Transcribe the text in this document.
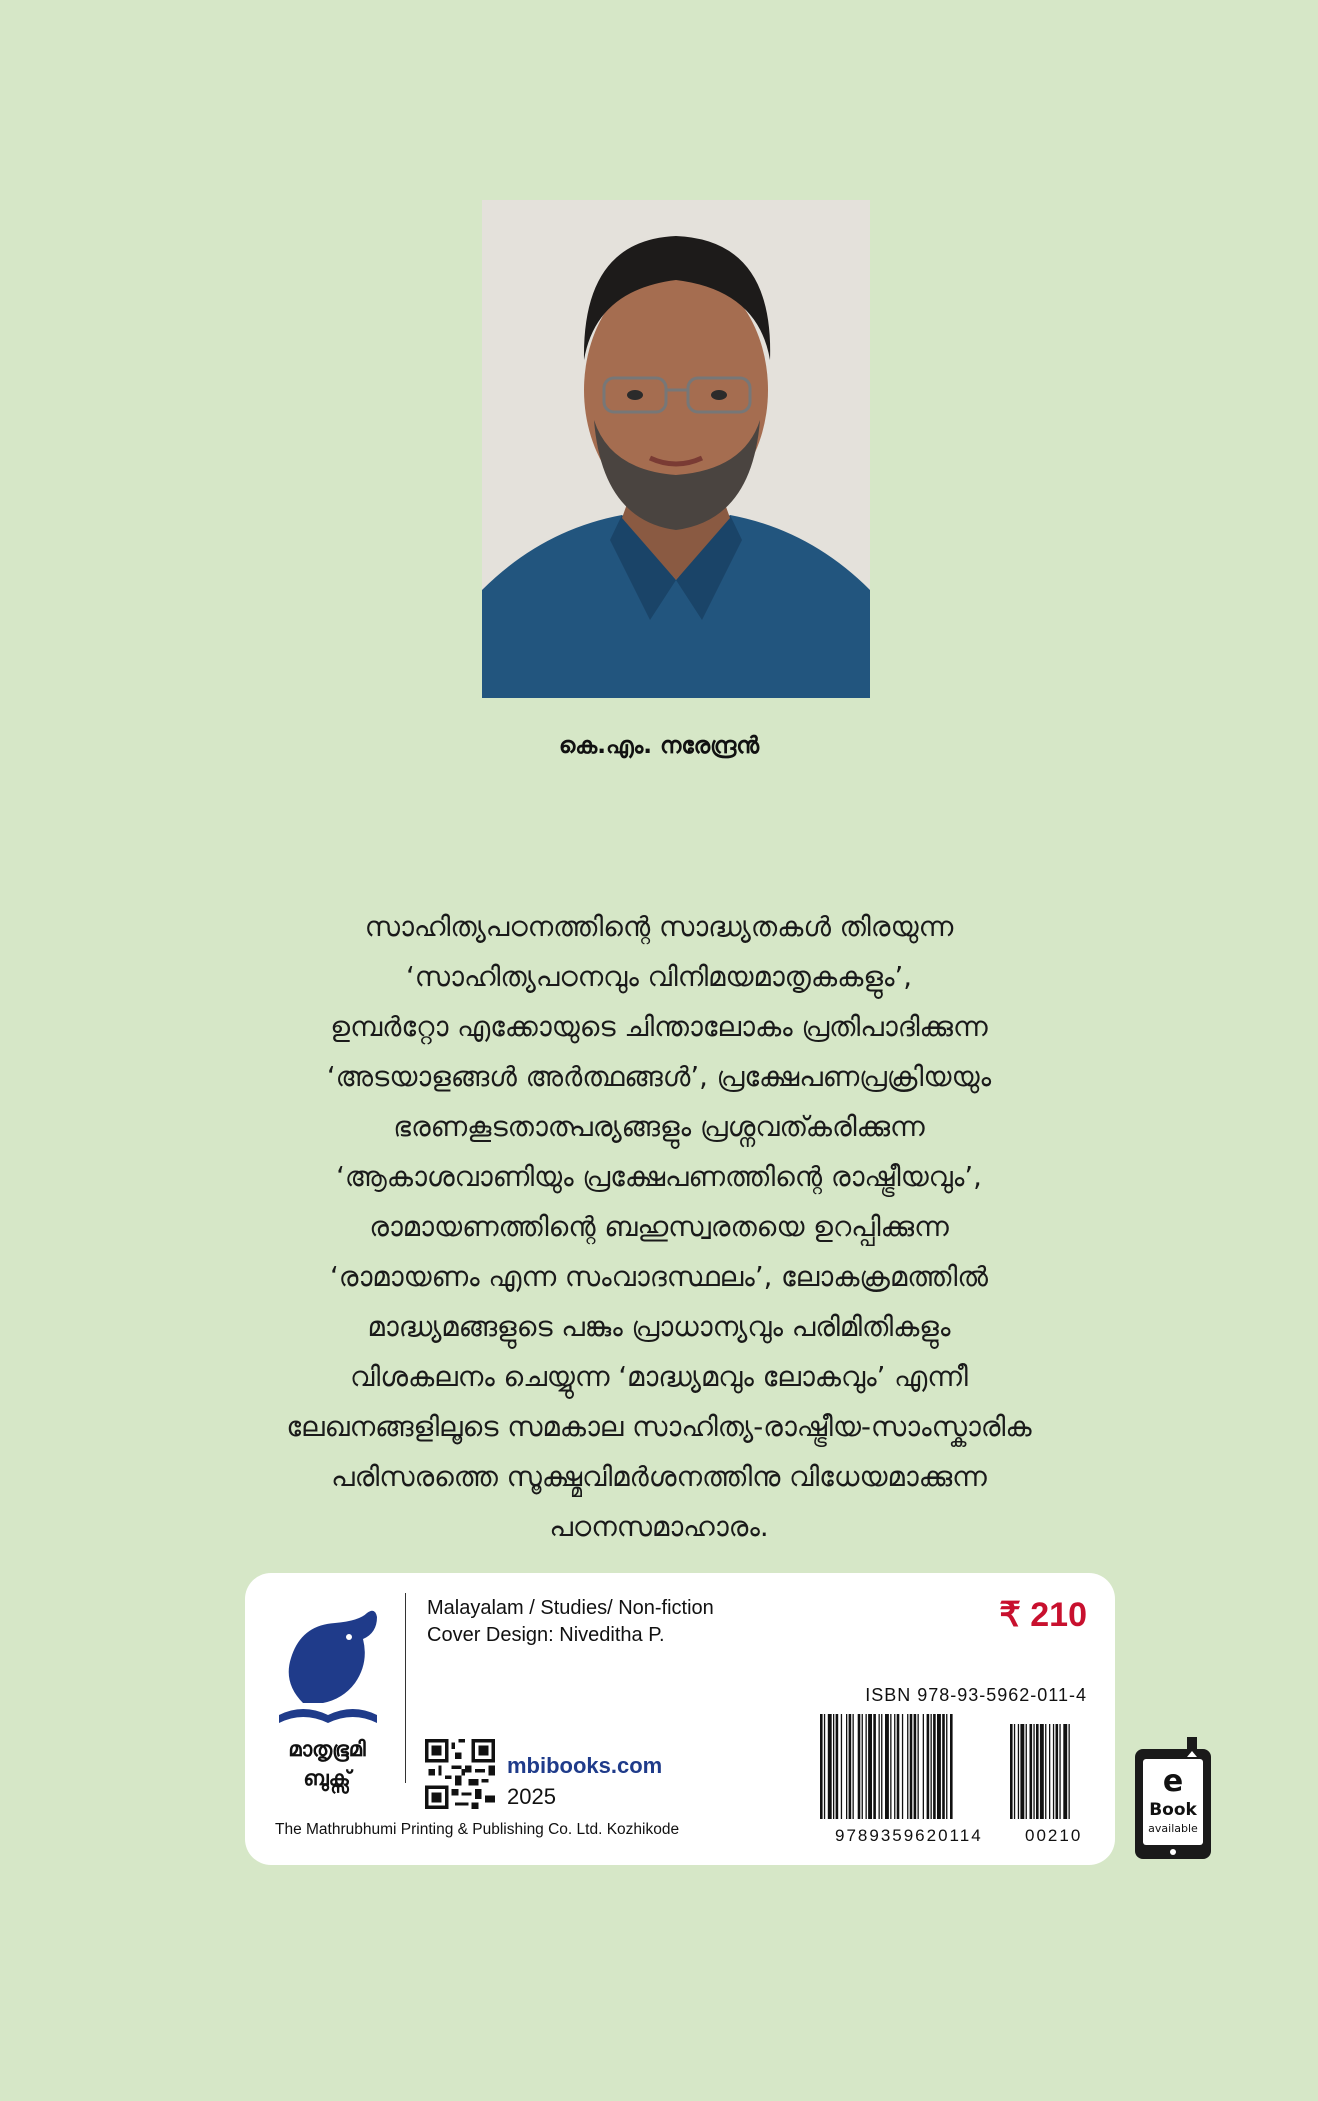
കെ.എം. നരേന്ദ്രൻ
സാഹിത്യപഠനത്തിന്റെ സാദ്ധ്യതകൾ തിരയുന്ന
‘സാഹിത്യപഠനവും വിനിമയമാതൃകകളും’,
ഉമ്പർറ്റോ എക്കോയുടെ ചിന്താലോകം പ്രതിപാദിക്കുന്ന
‘അടയാളങ്ങൾ അർത്ഥങ്ങൾ’, പ്രക്ഷേപണപ്രക്രിയയും
ഭരണകൂടതാത്പര്യങ്ങളും പ്രശ്നവത്കരിക്കുന്ന
‘ആകാശവാണിയും പ്രക്ഷേപണത്തിന്റെ രാഷ്ട്രീയവും’,
രാമായണത്തിന്റെ ബഹുസ്വരതയെ ഉറപ്പിക്കുന്ന
‘രാമായണം എന്ന സംവാദസ്ഥലം’, ലോകക്രമത്തിൽ
മാദ്ധ്യമങ്ങളുടെ പങ്കും പ്രാധാന്യവും പരിമിതികളും
വിശകലനം ചെയ്യുന്ന ‘മാദ്ധ്യമവും ലോകവും’ എന്നീ
ലേഖനങ്ങളിലൂടെ സമകാല സാഹിത്യ-രാഷ്ട്രീയ-സാംസ്കാരിക
പരിസരത്തെ സൂക്ഷ്മവിമർശനത്തിനു വിധേയമാക്കുന്ന
പഠനസമാഹാരം.
മാതൃഭൂമി
ബുക്സ്
The Mathrubhumi Printing & Publishing Co. Ltd. Kozhikode
Malayalam / Studies/ Non-fiction
Cover Design: Niveditha P.
₹ 210
mbibooks.com
2025
ISBN 978-93-5962-011-4
9789359620114 00210
e
Book
available
